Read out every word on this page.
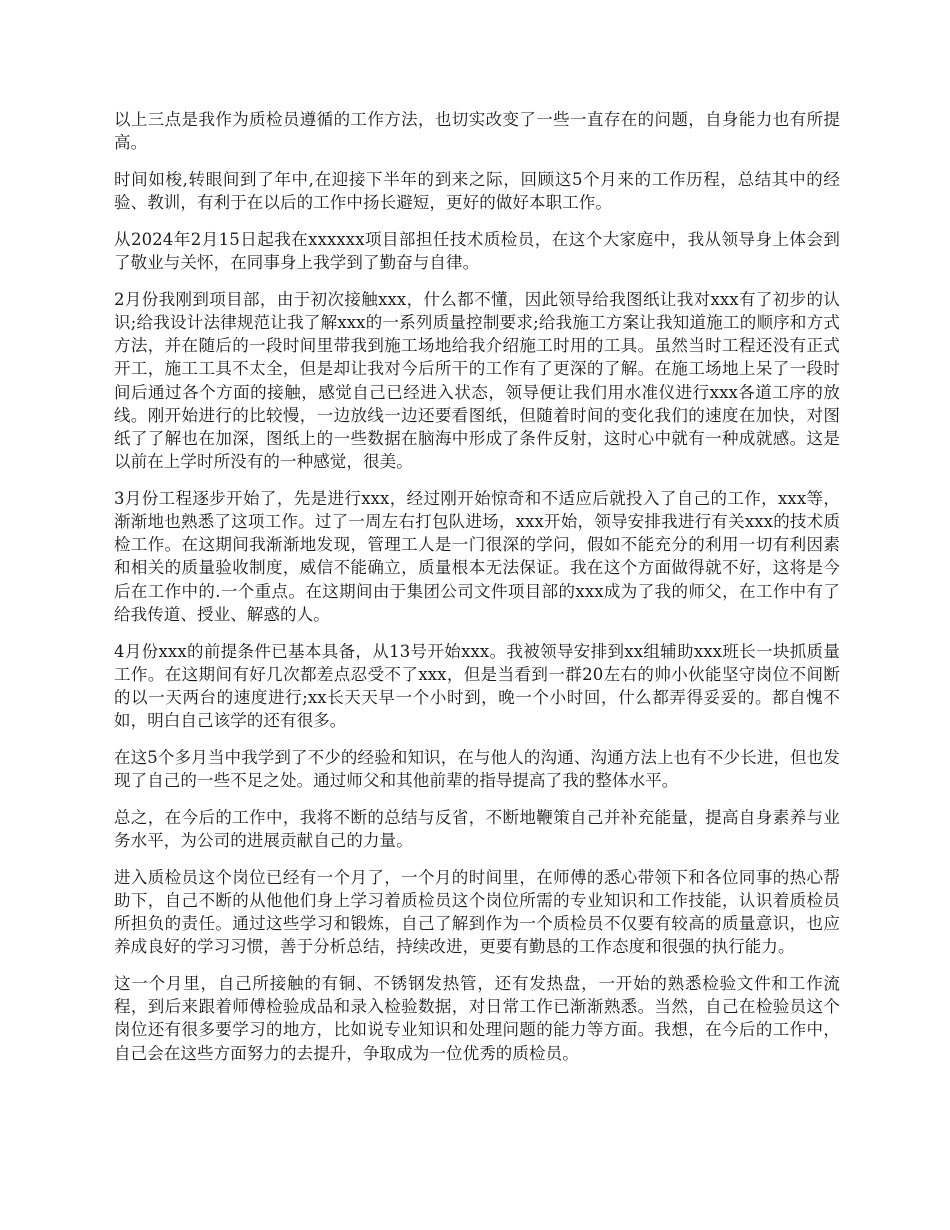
以上三点是我作为质检员遵循的工作方法，也切实改变了一些一直存在的问题，自身能力也有所提高。

时间如梭,转眼间到了年中,在迎接下半年的到来之际，回顾这5个月来的工作历程，总结其中的经验、教训，有利于在以后的工作中扬长避短，更好的做好本职工作。

从2024年2月15日起我在xxxxxx项目部担任技术质检员，在这个大家庭中，我从领导身上体会到了敬业与关怀，在同事身上我学到了勤奋与自律。

2月份我刚到项目部，由于初次接触xxx，什么都不懂，因此领导给我图纸让我对xxx有了初步的认识;给我设计法律规范让我了解xxx的一系列质量控制要求;给我施工方案让我知道施工的顺序和方式方法，并在随后的一段时间里带我到施工场地给我介绍施工时用的工具。虽然当时工程还没有正式开工，施工工具不太全，但是却让我对今后所干的工作有了更深的了解。在施工场地上呆了一段时间后通过各个方面的接触，感觉自己已经进入状态，领导便让我们用水准仪进行xxx各道工序的放线。刚开始进行的比较慢，一边放线一边还要看图纸，但随着时间的变化我们的速度在加快，对图纸了了解也在加深，图纸上的一些数据在脑海中形成了条件反射，这时心中就有一种成就感。这是以前在上学时所没有的一种感觉，很美。

3月份工程逐步开始了，先是进行xxx，经过刚开始惊奇和不适应后就投入了自己的工作，xxx等，渐渐地也熟悉了这项工作。过了一周左右打包队进场，xxx开始，领导安排我进行有关xxx的技术质检工作。在这期间我渐渐地发现，管理工人是一门很深的学问，假如不能充分的利用一切有利因素和相关的质量验收制度，威信不能确立，质量根本无法保证。我在这个方面做得就不好，这将是今后在工作中的.一个重点。在这期间由于集团公司文件项目部的xxx成为了我的师父，在工作中有了给我传道、授业、解惑的人。

4月份xxx的前提条件已基本具备，从13号开始xxx。我被领导安排到xx组辅助xxx班长一块抓质量工作。在这期间有好几次都差点忍受不了xxx，但是当看到一群20左右的帅小伙能坚守岗位不间断的以一天两台的速度进行;xx长天天早一个小时到，晚一个小时回，什么都弄得妥妥的。都自愧不如，明白自己该学的还有很多。

在这5个多月当中我学到了不少的经验和知识，在与他人的沟通、沟通方法上也有不少长进，但也发现了自己的一些不足之处。通过师父和其他前辈的指导提高了我的整体水平。

总之，在今后的工作中，我将不断的总结与反省，不断地鞭策自己并补充能量，提高自身素养与业务水平，为公司的进展贡献自己的力量。

进入质检员这个岗位已经有一个月了，一个月的时间里，在师傅的悉心带领下和各位同事的热心帮助下，自己不断的从他他们身上学习着质检员这个岗位所需的专业知识和工作技能，认识着质检员所担负的责任。通过这些学习和锻炼，自己了解到作为一个质检员不仅要有较高的质量意识，也应养成良好的学习习惯，善于分析总结，持续改进，更要有勤恳的工作态度和很强的执行能力。

这一个月里，自己所接触的有铜、不锈钢发热管，还有发热盘，一开始的熟悉检验文件和工作流程，到后来跟着师傅检验成品和录入检验数据，对日常工作已渐渐熟悉。当然，自己在检验员这个岗位还有很多要学习的地方，比如说专业知识和处理问题的能力等方面。我想，在今后的工作中，自己会在这些方面努力的去提升，争取成为一位优秀的质检员。
